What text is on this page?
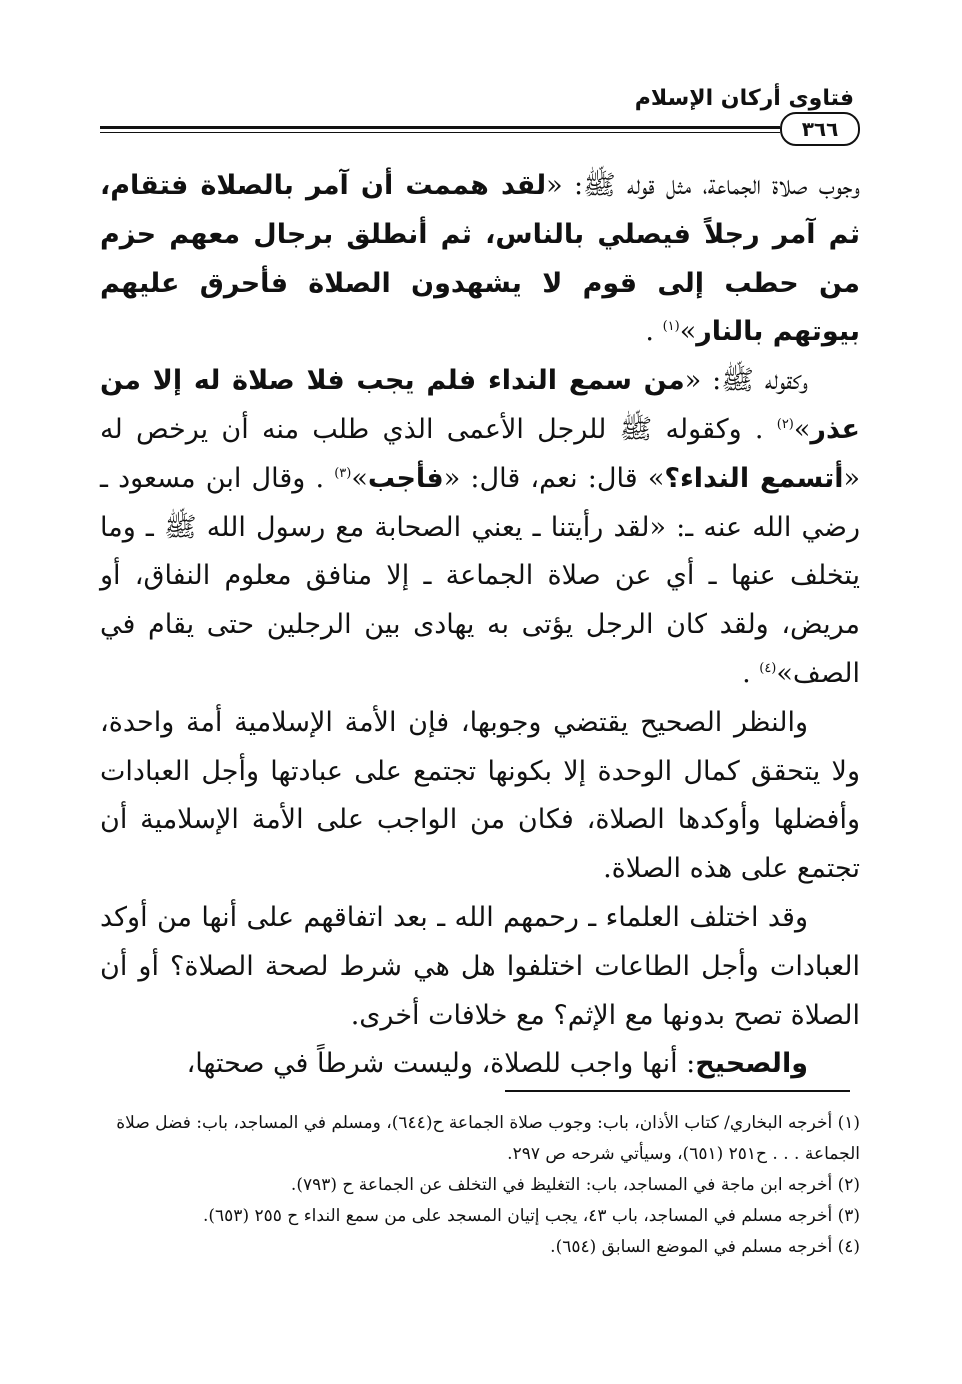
فتاوى أركان الإسلام
٣٦٦

وجوب صلاة الجماعة، مثل قوله ﷺ: «لقد هممت أن آمر بالصلاة فتقام، ثم آمر رجلاً فيصلي بالناس، ثم أنطلق برجال معهم حزم من حطب إلى قوم لا يشهدون الصلاة فأحرق عليهم بيوتهم بالنار»$^{(١)}$ .

وكقوله ﷺ: «من سمع النداء فلم يجب فلا صلاة له إلا من عذر»$^{(٢)}$ . وكقوله ﷺ للرجل الأعمى الذي طلب منه أن يرخص له «أتسمع النداء؟» قال: نعم، قال: «فأجب»$^{(٣)}$ . وقال ابن مسعود ـ رضي الله عنه ـ: «لقد رأيتنا ـ يعني الصحابة مع رسول الله ﷺ ـ وما يتخلف عنها ـ أي عن صلاة الجماعة ـ إلا منافق معلوم النفاق، أو مريض، ولقد كان الرجل يؤتى به يهادى بين الرجلين حتى يقام في الصف»$^{(٤)}$ .

والنظر الصحيح يقتضي وجوبها، فإن الأمة الإسلامية أمة واحدة، ولا يتحقق كمال الوحدة إلا بكونها تجتمع على عبادتها وأجل العبادات وأفضلها وأوكدها الصلاة، فكان من الواجب على الأمة الإسلامية أن تجتمع على هذه الصلاة.

وقد اختلف العلماء ـ رحمهم الله ـ بعد اتفاقهم على أنها من أوكد العبادات وأجل الطاعات اختلفوا هل هي شرط لصحة الصلاة؟ أو أن الصلاة تصح بدونها مع الإثم؟ مع خلافات أخرى.

والصحيح: أنها واجب للصلاة، وليست شرطاً في صحتها،

(١) أخرجه البخاري/ كتاب الأذان، باب: وجوب صلاة الجماعة ح(٦٤٤)، ومسلم في المساجد، باب: فضل صلاة الجماعة . . . ح٢٥١ (٦٥١)، وسيأتي شرحه ص ٢٩٧.

(٢) أخرجه ابن ماجة في المساجد، باب: التغليظ في التخلف عن الجماعة ح (٧٩٣).

(٣) أخرجه مسلم في المساجد، باب ٤٣، يجب إتيان المسجد على من سمع النداء ح ٢٥٥ (٦٥٣).

(٤) أخرجه مسلم في الموضع السابق (٦٥٤).
